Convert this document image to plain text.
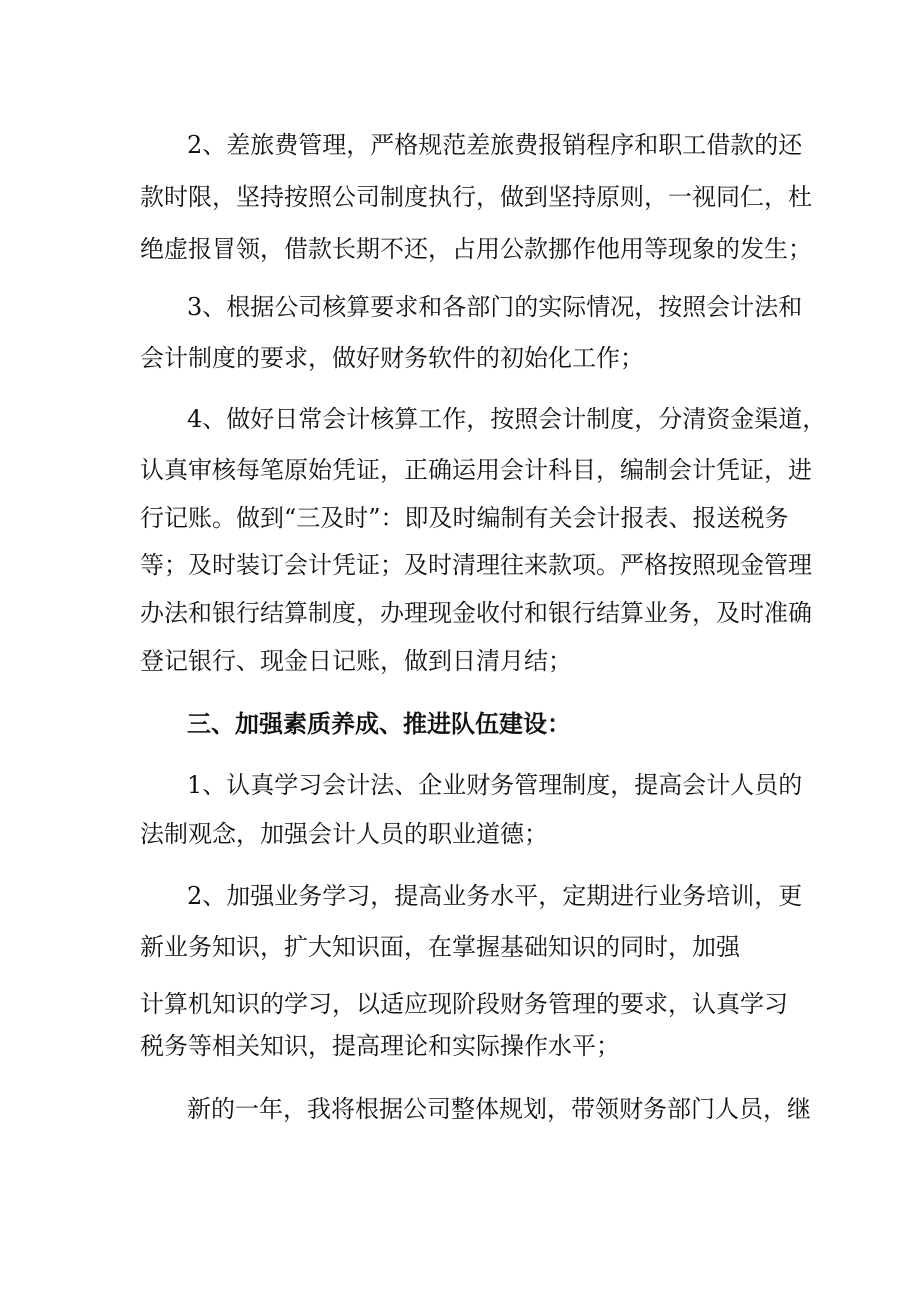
2、差旅费管理，严格规范差旅费报销程序和职工借款的还
款时限，坚持按照公司制度执行，做到坚持原则，一视同仁，杜
绝虚报冒领，借款长期不还，占用公款挪作他用等现象的发生；
3、根据公司核算要求和各部门的实际情况，按照会计法和
会计制度的要求，做好财务软件的初始化工作；
4、做好日常会计核算工作，按照会计制度，分清资金渠道，
认真审核每笔原始凭证，正确运用会计科目，编制会计凭证，进
行记账。做到“三及时”：即及时编制有关会计报表、报送税务
等；及时装订会计凭证；及时清理往来款项。严格按照现金管理
办法和银行结算制度，办理现金收付和银行结算业务，及时准确
登记银行、现金日记账，做到日清月结；
三、加强素质养成、推进队伍建设：
1、认真学习会计法、企业财务管理制度，提高会计人员的
法制观念，加强会计人员的职业道德；
2、加强业务学习，提高业务水平，定期进行业务培训，更
新业务知识，扩大知识面，在掌握基础知识的同时，加强
计算机知识的学习，以适应现阶段财务管理的要求，认真学习
税务等相关知识，提高理论和实际操作水平；
新的一年，我将根据公司整体规划，带领财务部门人员，继
